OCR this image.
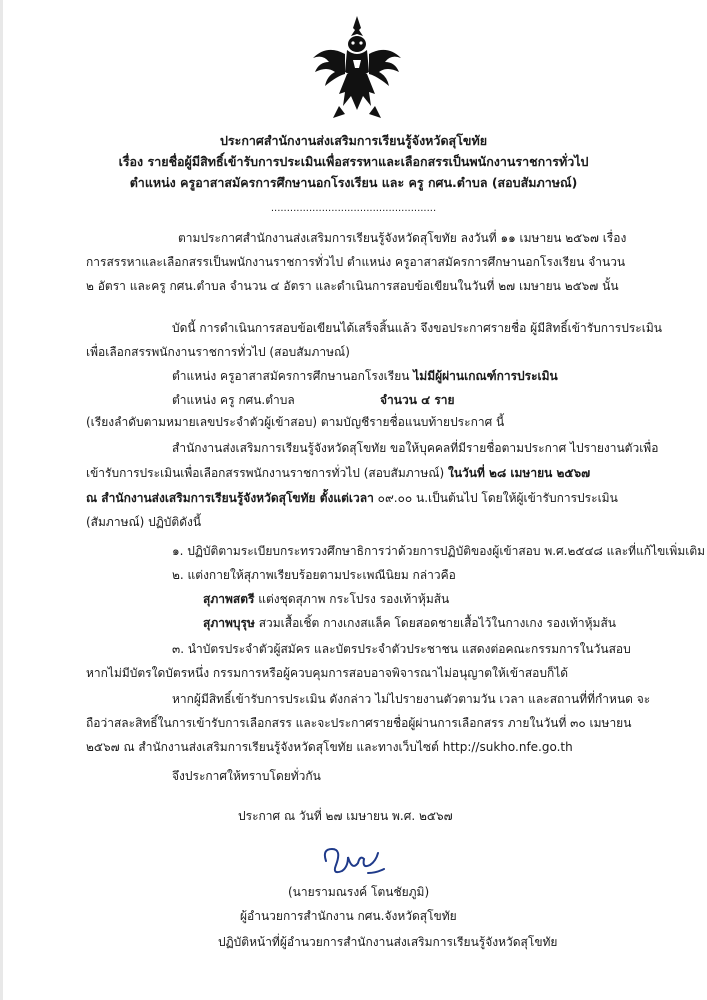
ประกาศสำนักงานส่งเสริมการเรียนรู้จังหวัดสุโขทัย
เรื่อง รายชื่อผู้มีสิทธิ์เข้ารับการประเมินเพื่อสรรหาและเลือกสรรเป็นพนักงานราชการทั่วไป
ตำแหน่ง ครูอาสาสมัครการศึกษานอกโรงเรียน และ ครู กศน.ตำบล (สอบสัมภาษณ์)
....................................................
ตามประกาศสำนักงานส่งเสริมการเรียนรู้จังหวัดสุโขทัย ลงวันที่ ๑๑ เมษายน ๒๕๖๗ เรื่อง
การสรรหาและเลือกสรรเป็นพนักงานราชการทั่วไป ตำแหน่ง ครูอาสาสมัครการศึกษานอกโรงเรียน จำนวน
๒ อัตรา และครู กศน.ตำบล จำนวน ๔ อัตรา และดำเนินการสอบข้อเขียนในวันที่ ๒๗ เมษายน ๒๕๖๗ นั้น
บัดนี้ การดำเนินการสอบข้อเขียนได้เสร็จสิ้นแล้ว จึงขอประกาศรายชื่อ ผู้มีสิทธิ์เข้ารับการประเมิน
เพื่อเลือกสรรพนักงานราชการทั่วไป (สอบสัมภาษณ์)
ตำแหน่ง ครูอาสาสมัครการศึกษานอกโรงเรียน ไม่มีผู้ผ่านเกณฑ์การประเมิน
ตำแหน่ง ครู กศน.ตำบล	จำนวน ๔ ราย
(เรียงลำดับตามหมายเลขประจำตัวผู้เข้าสอบ) ตามบัญชีรายชื่อแนบท้ายประกาศ นี้
สำนักงานส่งเสริมการเรียนรู้จังหวัดสุโขทัย ขอให้บุคคลที่มีรายชื่อตามประกาศ ไปรายงานตัวเพื่อ
เข้ารับการประเมินเพื่อเลือกสรรพนักงานราชการทั่วไป (สอบสัมภาษณ์) ในวันที่ ๒๘ เมษายน ๒๕๖๗
ณ สำนักงานส่งเสริมการเรียนรู้จังหวัดสุโขทัย ตั้งแต่เวลา ๐๙.๐๐ น.เป็นต้นไป โดยให้ผู้เข้ารับการประเมิน
(สัมภาษณ์) ปฏิบัติดังนี้
๑. ปฏิบัติตามระเบียบกระทรวงศึกษาธิการว่าด้วยการปฏิบัติของผู้เข้าสอบ พ.ศ.๒๕๔๘ และที่แก้ไขเพิ่มเติม
๒. แต่งกายให้สุภาพเรียบร้อยตามประเพณีนิยม กล่าวคือ
สุภาพสตรี แต่งชุดสุภาพ กระโปรง รองเท้าหุ้มส้น
สุภาพบุรุษ สวมเสื้อเชิ้ต กางเกงสแล็ค โดยสอดชายเสื้อไว้ในกางเกง รองเท้าหุ้มส้น
๓. นำบัตรประจำตัวผู้สมัคร และบัตรประจำตัวประชาชน แสดงต่อคณะกรรมการในวันสอบ
หากไม่มีบัตรใดบัตรหนึ่ง กรรมการหรือผู้ควบคุมการสอบอาจพิจารณาไม่อนุญาตให้เข้าสอบก็ได้
หากผู้มีสิทธิ์เข้ารับการประเมิน ดังกล่าว ไม่ไปรายงานตัวตามวัน เวลา และสถานที่ที่กำหนด จะ
ถือว่าสละสิทธิ์ในการเข้ารับการเลือกสรร และจะประกาศรายชื่อผู้ผ่านการเลือกสรร ภายในวันที่ ๓๐ เมษายน
๒๕๖๗ ณ สำนักงานส่งเสริมการเรียนรู้จังหวัดสุโขทัย และทางเว็บไซต์ http://sukho.nfe.go.th
จึงประกาศให้ทราบโดยทั่วกัน
ประกาศ ณ วันที่ ๒๗ เมษายน พ.ศ. ๒๕๖๗
(นายรามณรงค์ โตนชัยภูมิ)
ผู้อำนวยการสำนักงาน กศน.จังหวัดสุโขทัย
ปฏิบัติหน้าที่ผู้อำนวยการสำนักงานส่งเสริมการเรียนรู้จังหวัดสุโขทัย
